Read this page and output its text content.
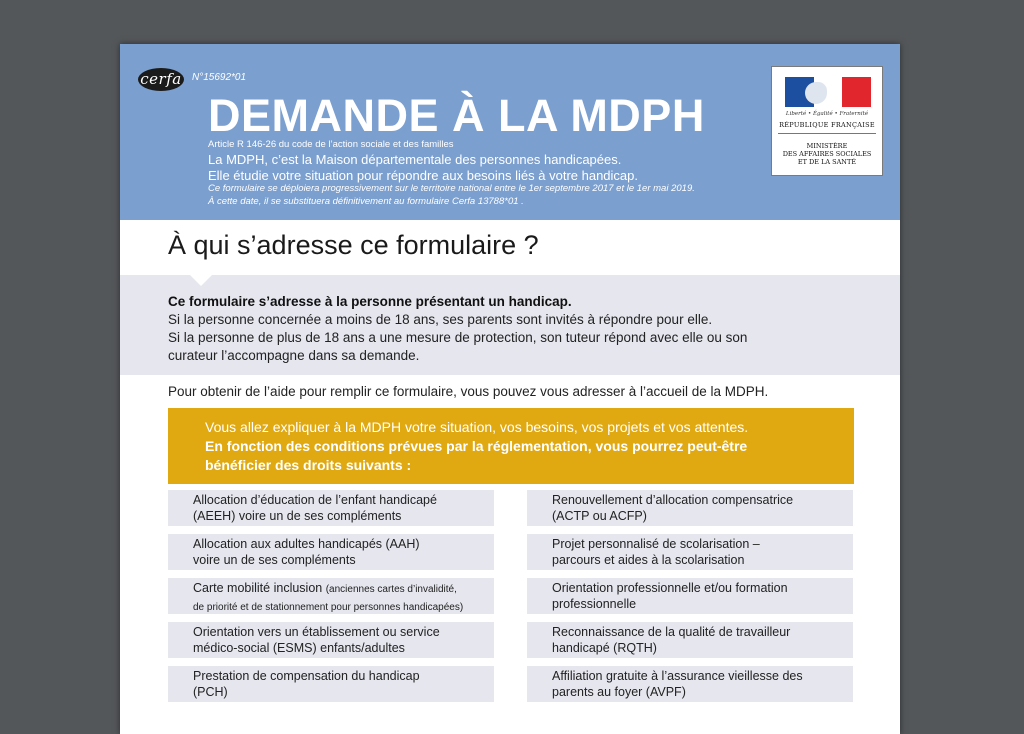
cerfa N°15692*01
DEMANDE À LA MDPH
Article R 146-26 du code de l’action sociale et des familles
La MDPH, c’est la Maison départementale des personnes handicapées.
Elle étudie votre situation pour répondre aux besoins liés à votre handicap.
Ce formulaire se déploiera progressivement sur le territoire national entre le 1er septembre 2017 et le 1er mai 2019.
À cette date, il se substituera définitivement au formulaire Cerfa 13788*01 .
Liberté • Égalité • Fraternité
RÉPUBLIQUE FRANÇAISE
MINISTÈRE
DES AFFAIRES SOCIALES
ET DE LA SANTÉ
À qui s’adresse ce formulaire ?
Ce formulaire s’adresse à la personne présentant un handicap.
Si la personne concernée a moins de 18 ans, ses parents sont invités à répondre pour elle.
Si la personne de plus de 18 ans a une mesure de protection, son tuteur répond avec elle ou son
curateur l’accompagne dans sa demande.
Pour obtenir de l’aide pour remplir ce formulaire, vous pouvez vous adresser à l’accueil de la MDPH.
Vous allez expliquer à la MDPH votre situation, vos besoins, vos projets et vos attentes.
En fonction des conditions prévues par la réglementation, vous pourrez peut-être
bénéficier des droits suivants :
Allocation d’éducation de l’enfant handicapé
(AEEH) voire un de ses compléments
Allocation aux adultes handicapés (AAH)
voire un de ses compléments
Carte mobilité inclusion (anciennes cartes d’invalidité,
de priorité et de stationnement pour personnes handicapées)
Orientation vers un établissement ou service
médico-social (ESMS) enfants/adultes
Prestation de compensation du handicap
(PCH)
Renouvellement d’allocation compensatrice
(ACTP ou ACFP)
Projet personnalisé de scolarisation –
parcours et aides à la scolarisation
Orientation professionnelle et/ou formation
professionnelle
Reconnaissance de la qualité de travailleur
handicapé (RQTH)
Affiliation gratuite à l’assurance vieillesse des
parents au foyer (AVPF)
